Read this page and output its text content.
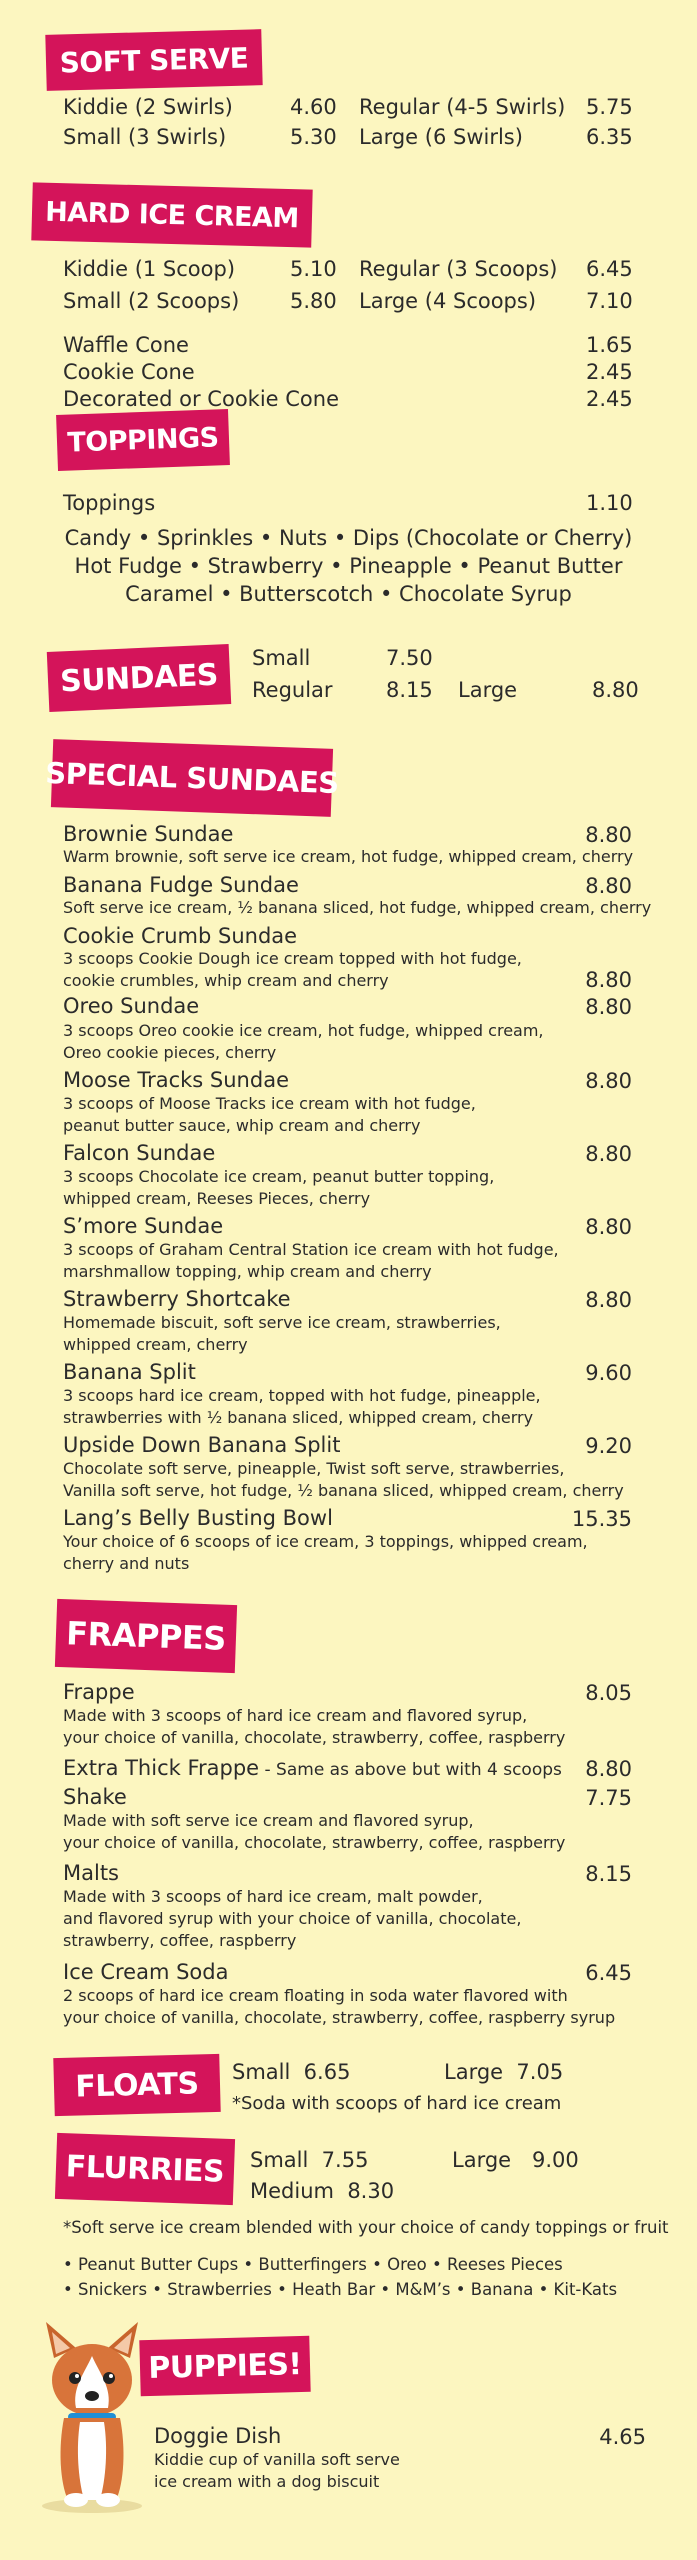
SOFT SERVE
Kiddie (2 Swirls)	4.60 Regular (4-5 Swirls) 5.75
Small (3 Swirls)	5.30 Large (6 Swirls)	6.35
HARD ICE CREAM
Kiddie (1 Scoop)	5.10 Regular (3 Scoops) 6.45
Small (2 Scoops) 5.80 Large (4 Scoops) 7.10
Waffle Cone	1.65
Cookie Cone	2.45
Decorated or Cookie Cone	2.45
TOPPINGS
Toppings	1.10
Candy • Sprinkles • Nuts • Dips (Chocolate or Cherry)
Hot Fudge • Strawberry • Pineapple • Peanut Butter
Caramel • Butterscotch • Chocolate Syrup
SUNDAES	Small	7.50
Regular	8.15 Large	8.80
SPECIAL SUNDAES
Brownie Sundae	8.80
Warm brownie, soft serve ice cream, hot fudge, whipped cream, cherry
Banana Fudge Sundae	8.80
Soft serve ice cream, ½ banana sliced, hot fudge, whipped cream, cherry
Cookie Crumb Sundae
3 scoops Cookie Dough ice cream topped with hot fudge,
cookie crumbles, whip cream and cherry	8.80
Oreo Sundae	8.80
3 scoops Oreo cookie ice cream, hot fudge, whipped cream,
Oreo cookie pieces, cherry
Moose Tracks Sundae	8.80
3 scoops of Moose Tracks ice cream with hot fudge,
peanut butter sauce, whip cream and cherry
Falcon Sundae	8.80
3 scoops Chocolate ice cream, peanut butter topping,
whipped cream, Reeses Pieces, cherry
S’more Sundae	8.80
3 scoops of Graham Central Station ice cream with hot fudge,
marshmallow topping, whip cream and cherry
Strawberry Shortcake	8.80
Homemade biscuit, soft serve ice cream, strawberries,
whipped cream, cherry
Banana Split	9.60
3 scoops hard ice cream, topped with hot fudge, pineapple,
strawberries with ½ banana sliced, whipped cream, cherry
Upside Down Banana Split	9.20
Chocolate soft serve, pineapple, Twist soft serve, strawberries,
Vanilla soft serve, hot fudge, ½ banana sliced, whipped cream, cherry
Lang’s Belly Busting Bowl	15.35
Your choice of 6 scoops of ice cream, 3 toppings, whipped cream,
cherry and nuts
FRAPPES
Frappe	8.05
Made with 3 scoops of hard ice cream and flavored syrup,
your choice of vanilla, chocolate, strawberry, coffee, raspberry
Extra Thick Frappe - Same as above but with 4 scoops	8.80
Shake	7.75
Made with soft serve ice cream and flavored syrup,
your choice of vanilla, chocolate, strawberry, coffee, raspberry
Malts	8.15
Made with 3 scoops of hard ice cream, malt powder,
and flavored syrup with your choice of vanilla, chocolate,
strawberry, coffee, raspberry
Ice Cream Soda	6.45
2 scoops of hard ice cream floating in soda water flavored with
your choice of vanilla, chocolate, strawberry, coffee, raspberry syrup
FLOATS	Small  6.65	Large  7.05
*Soda with scoops of hard ice cream
FLURRIES	Small  7.55	Large 9.00
Medium  8.30
*Soft serve ice cream blended with your choice of candy toppings or fruit
• Peanut Butter Cups • Butterfingers • Oreo • Reeses Pieces
• Snickers • Strawberries • Heath Bar • M&M’s • Banana • Kit-Kats
PUPPIES!
Doggie Dish	4.65
Kiddie cup of vanilla soft serve
ice cream with a dog biscuit
